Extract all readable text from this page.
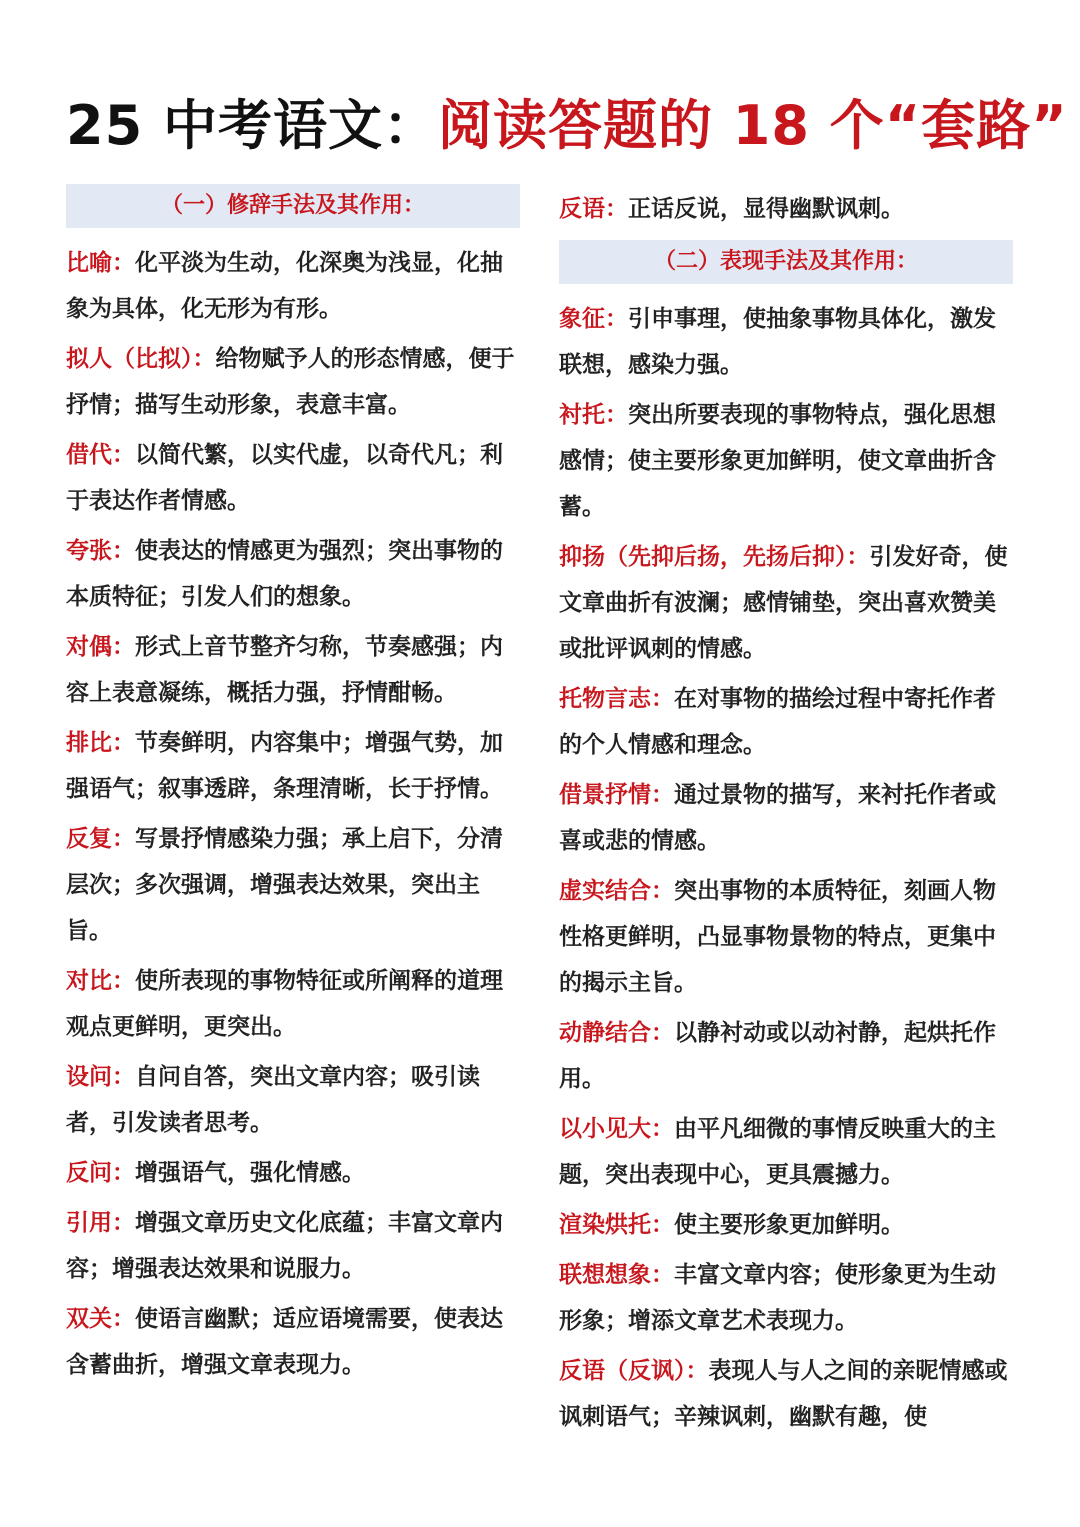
25 中考语文：阅读答题的 18 个“套路”
（一）修辞手法及其作用：
比喻：化平淡为生动，化深奥为浅显，化抽象为具体，化无形为有形。
拟人（比拟）：给物赋予人的形态情感，便于抒情；描写生动形象，表意丰富。
借代：以简代繁，以实代虚，以奇代凡；利于表达作者情感。
夸张：使表达的情感更为强烈；突出事物的本质特征；引发人们的想象。
对偶：形式上音节整齐匀称，节奏感强；内容上表意凝练，概括力强，抒情酣畅。
排比：节奏鲜明，内容集中；增强气势，加强语气；叙事透辟，条理清晰，长于抒情。
反复：写景抒情感染力强；承上启下，分清层次；多次强调，增强表达效果，突出主旨。
对比：使所表现的事物特征或所阐释的道理观点更鲜明，更突出。
设问：自问自答，突出文章内容；吸引读者，引发读者思考。
反问：增强语气，强化情感。
引用：增强文章历史文化底蕴；丰富文章内容；增强表达效果和说服力。
双关：使语言幽默；适应语境需要，使表达含蓄曲折，增强文章表现力。
反语：正话反说，显得幽默讽刺。
（二）表现手法及其作用：
象征：引申事理，使抽象事物具体化，激发联想，感染力强。
衬托：突出所要表现的事物特点，强化思想感情；使主要形象更加鲜明，使文章曲折含蓄。
抑扬（先抑后扬，先扬后抑）：引发好奇，使文章曲折有波澜；感情铺垫，突出喜欢赞美或批评讽刺的情感。
托物言志：在对事物的描绘过程中寄托作者的个人情感和理念。
借景抒情：通过景物的描写，来衬托作者或喜或悲的情感。
虚实结合：突出事物的本质特征，刻画人物性格更鲜明，凸显事物景物的特点，更集中的揭示主旨。
动静结合：以静衬动或以动衬静，起烘托作用。
以小见大：由平凡细微的事情反映重大的主题，突出表现中心，更具震撼力。
渲染烘托：使主要形象更加鲜明。
联想想象：丰富文章内容；使形象更为生动形象；增添文章艺术表现力。
反语（反讽）：表现人与人之间的亲昵情感或讽刺语气；辛辣讽刺，幽默有趣，使
